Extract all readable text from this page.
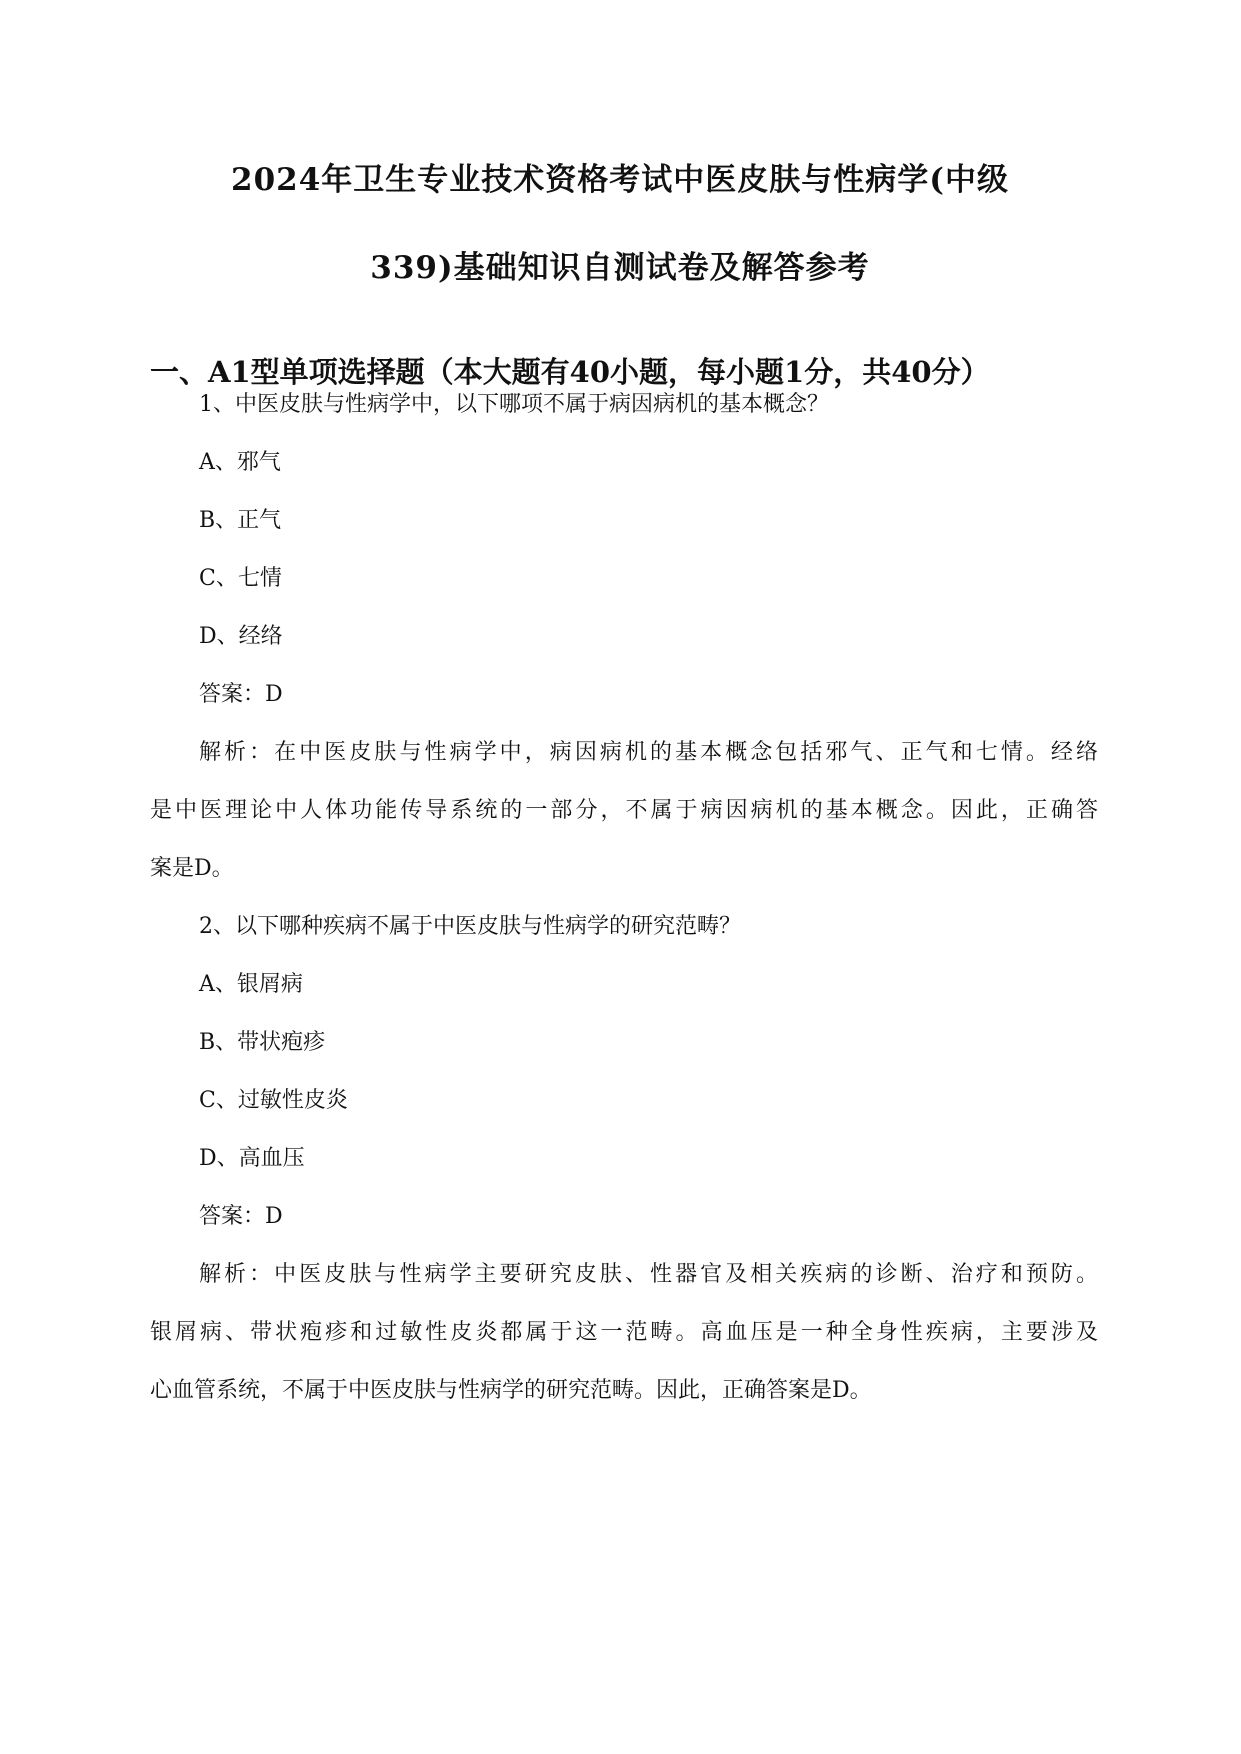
2024年卫生专业技术资格考试中医皮肤与性病学(中级
339)基础知识自测试卷及解答参考
一、A1型单项选择题（本大题有40小题，每小题1分，共40分）
1、中医皮肤与性病学中，以下哪项不属于病因病机的基本概念？
A、邪气
B、正气
C、七情
D、经络
答案：D
解析：在中医皮肤与性病学中，病因病机的基本概念包括邪气、正气和七情。经络
是中医理论中人体功能传导系统的一部分，不属于病因病机的基本概念。因此，正确答
案是D。
2、以下哪种疾病不属于中医皮肤与性病学的研究范畴？
A、银屑病
B、带状疱疹
C、过敏性皮炎
D、高血压
答案：D
解析：中医皮肤与性病学主要研究皮肤、性器官及相关疾病的诊断、治疗和预防。
银屑病、带状疱疹和过敏性皮炎都属于这一范畴。高血压是一种全身性疾病，主要涉及
心血管系统，不属于中医皮肤与性病学的研究范畴。因此，正确答案是D。
